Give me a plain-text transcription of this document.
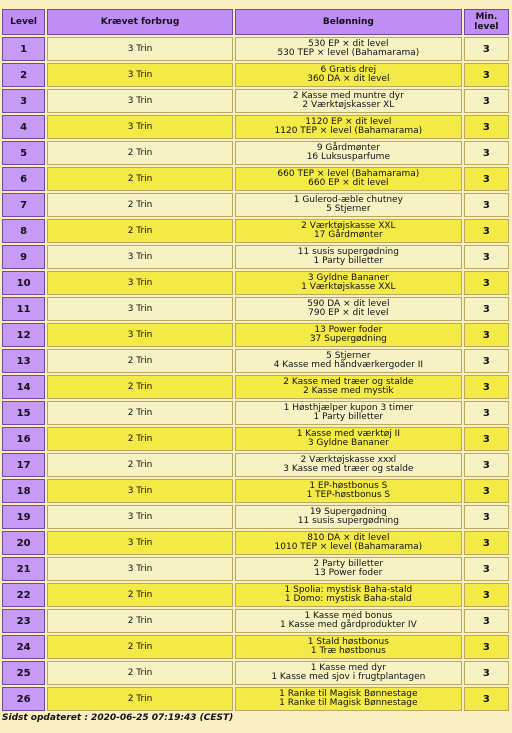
Level	Krævet forbrug	Belønning	Min.
level

1	3 Trin	530 EP × dit level
530 TEP × level (Bahamarama)	3
2	3 Trin	6 Gratis drej
360 DA × dit level	3
3	3 Trin	2 Kasse med muntre dyr
2 Værktøjskasser XL	3
4	3 Trin	1120 EP × dit level
1120 TEP × level (Bahamarama)	3
5	2 Trin	9 Gårdmønter
16 Luksusparfume	3
6	2 Trin	660 TEP × level (Bahamarama)
660 EP × dit level	3
7	2 Trin	1 Gulerod-æble chutney
5 Stjerner	3
8	2 Trin	2 Værktøjskasse XXL
17 Gårdmønter	3
9	3 Trin	11 susis supergødning
1 Party billetter	3
10	3 Trin	3 Gyldne Bananer
1 Værktøjskasse XXL	3
11	3 Trin	590 DA × dit level
790 EP × dit level	3
12	3 Trin	13 Power foder
37 Supergødning	3
13	2 Trin	5 Stjerner
4 Kasse med håndværkergoder II	3
14	2 Trin	2 Kasse med træer og stalde
2 Kasse med mystik	3
15	2 Trin	1 Høsthjælper kupon 3 timer
1 Party billetter	3
16	2 Trin	1 Kasse med værktøj II
3 Gyldne Bananer	3
17	2 Trin	2 Værktøjskasse xxxl
3 Kasse med træer og stalde	3
18	3 Trin	1 EP-høstbonus S
1 TEP-høstbonus S	3
19	3 Trin	19 Supergødning
11 susis supergødning	3
20	3 Trin	810 DA × dit level
1010 TEP × level (Bahamarama)	3
21	3 Trin	2 Party billetter
13 Power foder	3
22	2 Trin	1 Spolia: mystisk Baha-stald
1 Domo: mystisk Baha-stald	3
23	2 Trin	1 Kasse med bonus
1 Kasse med gårdprodukter IV	3
24	2 Trin	1 Stald høstbonus
1 Træ høstbonus	3
25	2 Trin	1 Kasse med dyr
1 Kasse med sjov i frugtplantagen	3
26	2 Trin	1 Ranke til Magisk Bønnestage
1 Ranke til Magisk Bønnestage	3
Sidst opdateret : 2020-06-25 07:19:43 (CEST)
